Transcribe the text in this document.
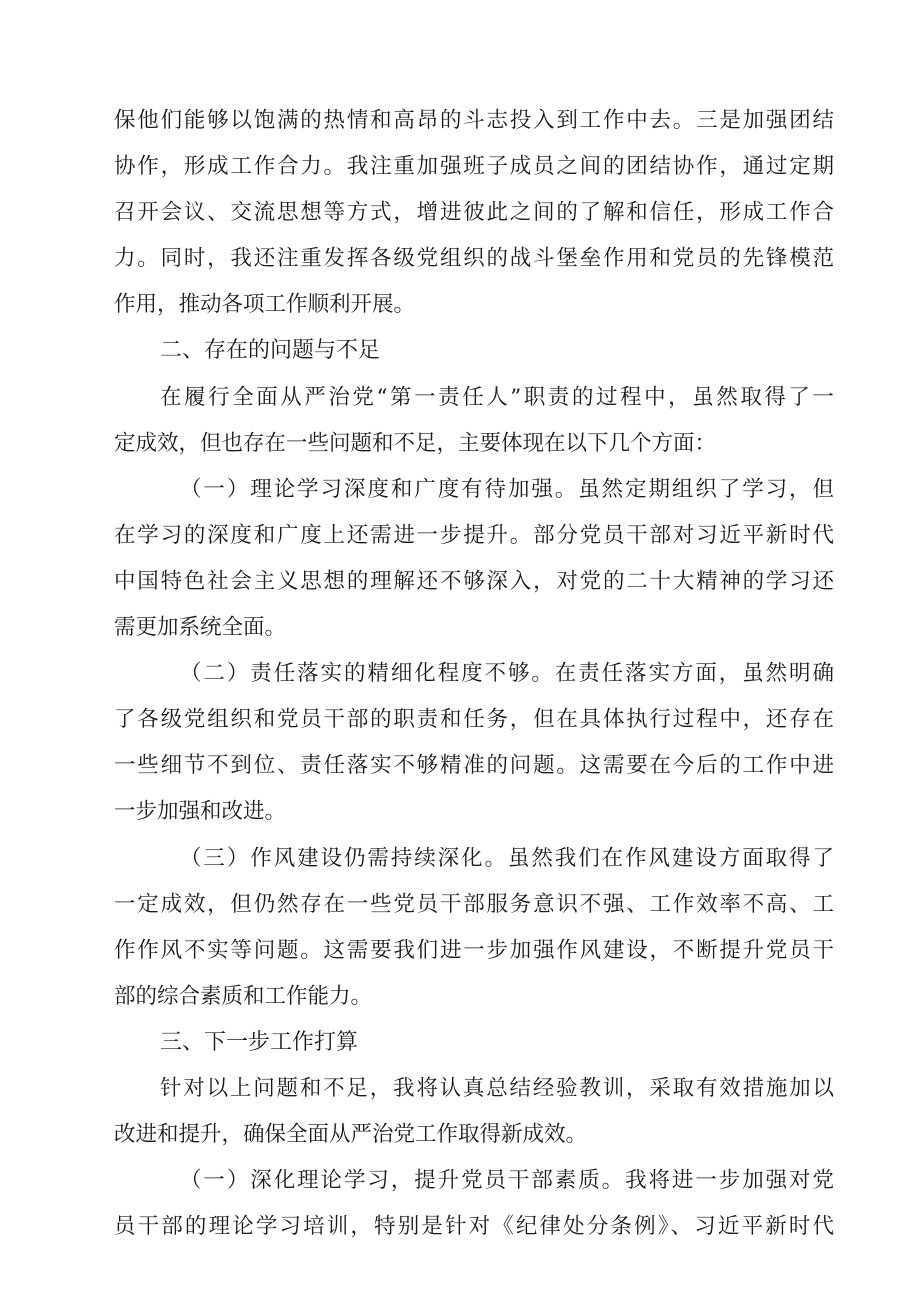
保他们能够以饱满的热情和高昂的斗志投入到工作中去。三是加强团结
协作，形成工作合力。我注重加强班子成员之间的团结协作，通过定期
召开会议、交流思想等方式，增进彼此之间的了解和信任，形成工作合
力。同时，我还注重发挥各级党组织的战斗堡垒作用和党员的先锋模范
作用，推动各项工作顺利开展。
二、存在的问题与不足
在履行全面从严治党“第一责任人”职责的过程中，虽然取得了一
定成效，但也存在一些问题和不足，主要体现在以下几个方面：
（一）理论学习深度和广度有待加强。虽然定期组织了学习，但
在学习的深度和广度上还需进一步提升。部分党员干部对习近平新时代
中国特色社会主义思想的理解还不够深入，对党的二十大精神的学习还
需更加系统全面。
（二）责任落实的精细化程度不够。在责任落实方面，虽然明确
了各级党组织和党员干部的职责和任务，但在具体执行过程中，还存在
一些细节不到位、责任落实不够精准的问题。这需要在今后的工作中进
一步加强和改进。
（三）作风建设仍需持续深化。虽然我们在作风建设方面取得了
一定成效，但仍然存在一些党员干部服务意识不强、工作效率不高、工
作作风不实等问题。这需要我们进一步加强作风建设，不断提升党员干
部的综合素质和工作能力。
三、下一步工作打算
针对以上问题和不足，我将认真总结经验教训，采取有效措施加以
改进和提升，确保全面从严治党工作取得新成效。
（一）深化理论学习，提升党员干部素质。我将进一步加强对党
员干部的理论学习培训，特别是针对《纪律处分条例》、习近平新时代
